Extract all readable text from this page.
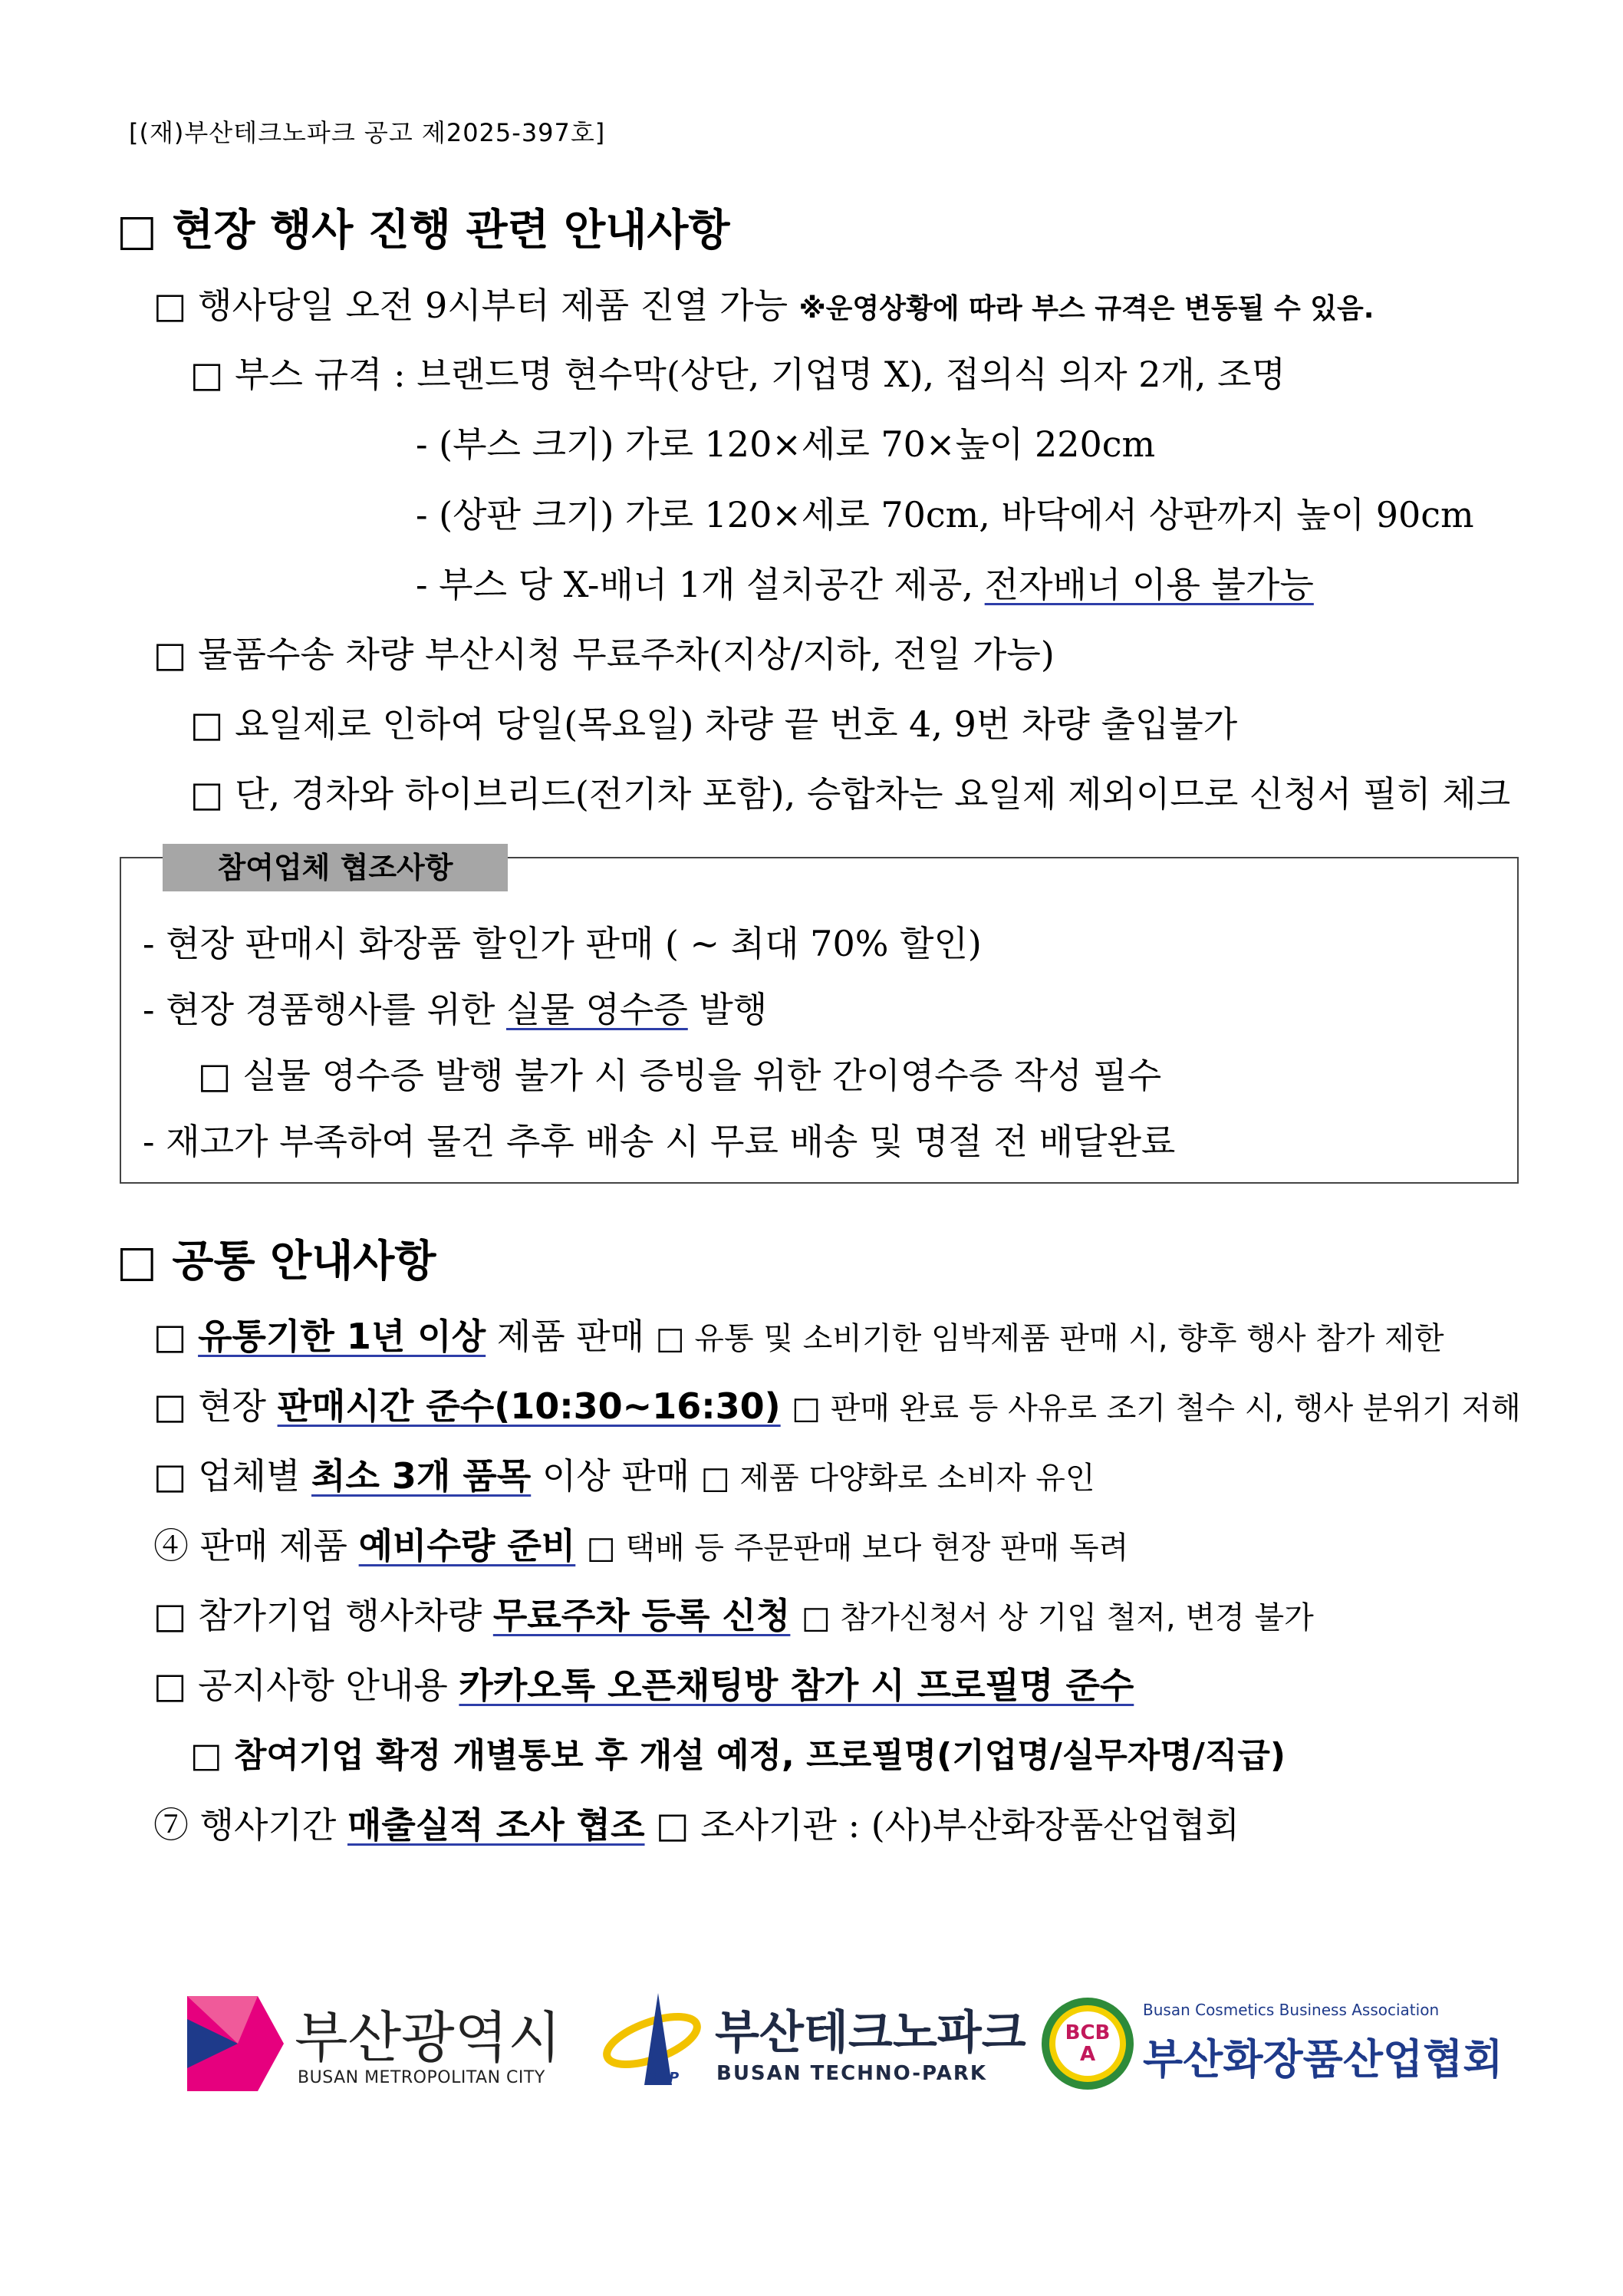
[(재)부산테크노파크 공고 제2025-397호]
□ 현장 행사 진행 관련 안내사항
□ 행사당일 오전 9시부터 제품 진열 가능 ※운영상황에 따라 부스 규격은 변동될 수 있음.
□ 부스 규격 : 브랜드명 현수막(상단, 기업명 X), 접의식 의자 2개, 조명
- (부스 크기) 가로 120×세로 70×높이 220cm
- (상판 크기) 가로 120×세로 70cm, 바닥에서 상판까지 높이 90cm
- 부스 당 X-배너 1개 설치공간 제공, 전자배너 이용 불가능
□ 물품수송 차량 부산시청 무료주차(지상/지하, 전일 가능)
□ 요일제로 인하여 당일(목요일) 차량 끝 번호 4, 9번 차량 출입불가
□ 단, 경차와 하이브리드(전기차 포함), 승합차는 요일제 제외이므로 신청서 필히 체크
참여업체 협조사항
- 현장 판매시 화장품 할인가 판매 ( ~ 최대 70% 할인)
- 현장 경품행사를 위한 실물 영수증 발행
□ 실물 영수증 발행 불가 시 증빙을 위한 간이영수증 작성 필수
- 재고가 부족하여 물건 추후 배송 시 무료 배송 및 명절 전 배달완료
□ 공통 안내사항
□ 유통기한 1년 이상 제품 판매 □ 유통 및 소비기한 임박제품 판매 시, 향후 행사 참가 제한
□ 현장 판매시간 준수(10:30~16:30) □ 판매 완료 등 사유로 조기 철수 시, 행사 분위기 저해
□ 업체별 최소 3개 품목 이상 판매 □ 제품 다양화로 소비자 유인
④ 판매 제품 예비수량 준비 □ 택배 등 주문판매 보다 현장 판매 독려
□ 참가기업 행사차량 무료주차 등록 신청 □ 참가신청서 상 기입 철저, 변경 불가
□ 공지사항 안내용 카카오톡 오픈채팅방 참가 시 프로필명 준수
□ 참여기업 확정 개별통보 후 개설 예정, 프로필명(기업명/실무자명/직급)
⑦ 행사기간 매출실적 조사 협조 □ 조사기관 : (사)부산화장품산업협회
부산광역시
BUSAN METROPOLITAN CITY	BTP
부산테크노파크
BUSAN TECHNO-PARK
BCBA
Busan Cosmetics Business Association
부산화장품산업협회
